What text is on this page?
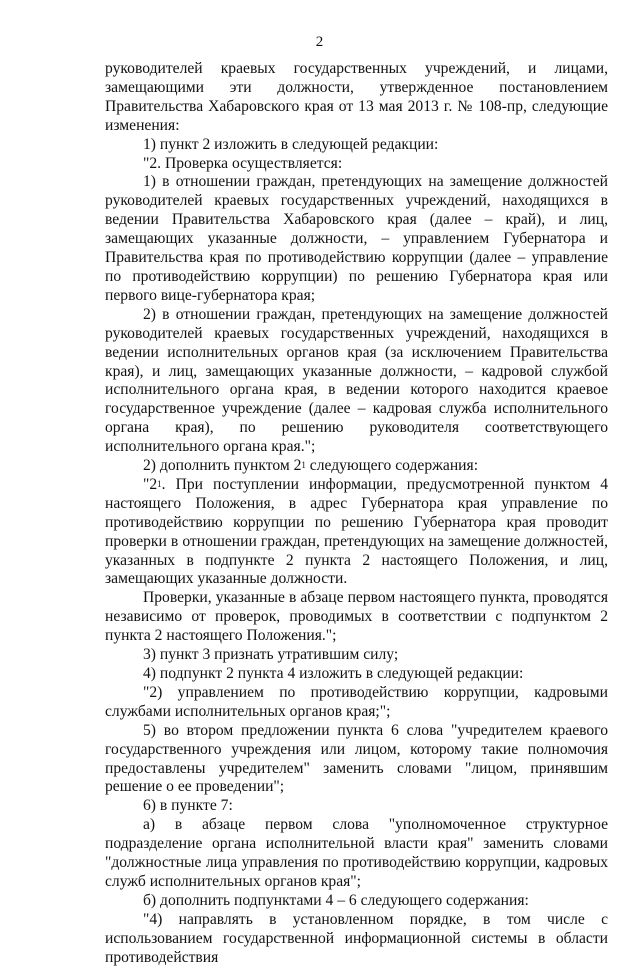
2

руководителей краевых государственных учреждений, и лицами, замещающими эти должности, утвержденное постановлением Правительства Хабаровского края от 13 мая 2013 г. № 108-пр, следующие изменения:

1) пункт 2 изложить в следующей редакции:

"2. Проверка осуществляется:

1) в отношении граждан, претендующих на замещение должностей руководителей краевых государственных учреждений, находящихся в ведении Правительства Хабаровского края (далее – край), и лиц, замещающих указанные должности, – управлением Губернатора и Правительства края по противодействию коррупции (далее – управление по противодействию коррупции) по решению Губернатора края или первого вице-губернатора края;

2) в отношении граждан, претендующих на замещение должностей руководителей краевых государственных учреждений, находящихся в ведении исполнительных органов края (за исключением Правительства края), и лиц, замещающих указанные должности, – кадровой службой исполнительного органа края, в ведении которого находится краевое государственное учреждение (далее – кадровая служба исполнительного органа края), по решению руководителя соответствующего исполнительного органа края.";

2) дополнить пунктом $2^1$ следующего содержания:

"$2^1$. При поступлении информации, предусмотренной пунктом 4 настоящего Положения, в адрес Губернатора края управление по противодействию коррупции по решению Губернатора края проводит проверки в отношении граждан, претендующих на замещение должностей, указанных в подпункте 2 пункта 2 настоящего Положения, и лиц, замещающих указанные должности.

Проверки, указанные в абзаце первом настоящего пункта, проводятся независимо от проверок, проводимых в соответствии с подпунктом 2 пункта 2 настоящего Положения.";

3) пункт 3 признать утратившим силу;

4) подпункт 2 пункта 4 изложить в следующей редакции:

"2) управлением по противодействию коррупции, кадровыми службами исполнительных органов края;";

5) во втором предложении пункта 6 слова "учредителем краевого государственного учреждения или лицом, которому такие полномочия предоставлены учредителем" заменить словами "лицом, принявшим решение о ее проведении";

6) в пункте 7:

а) в абзаце первом слова "уполномоченное структурное подразделение органа исполнительной власти края" заменить словами "должностные лица управления по противодействию коррупции, кадровых служб исполнительных органов края";

б) дополнить подпунктами 4 – 6 следующего содержания:

"4) направлять в установленном порядке, в том числе с использованием государственной информационной системы в области противодействия
